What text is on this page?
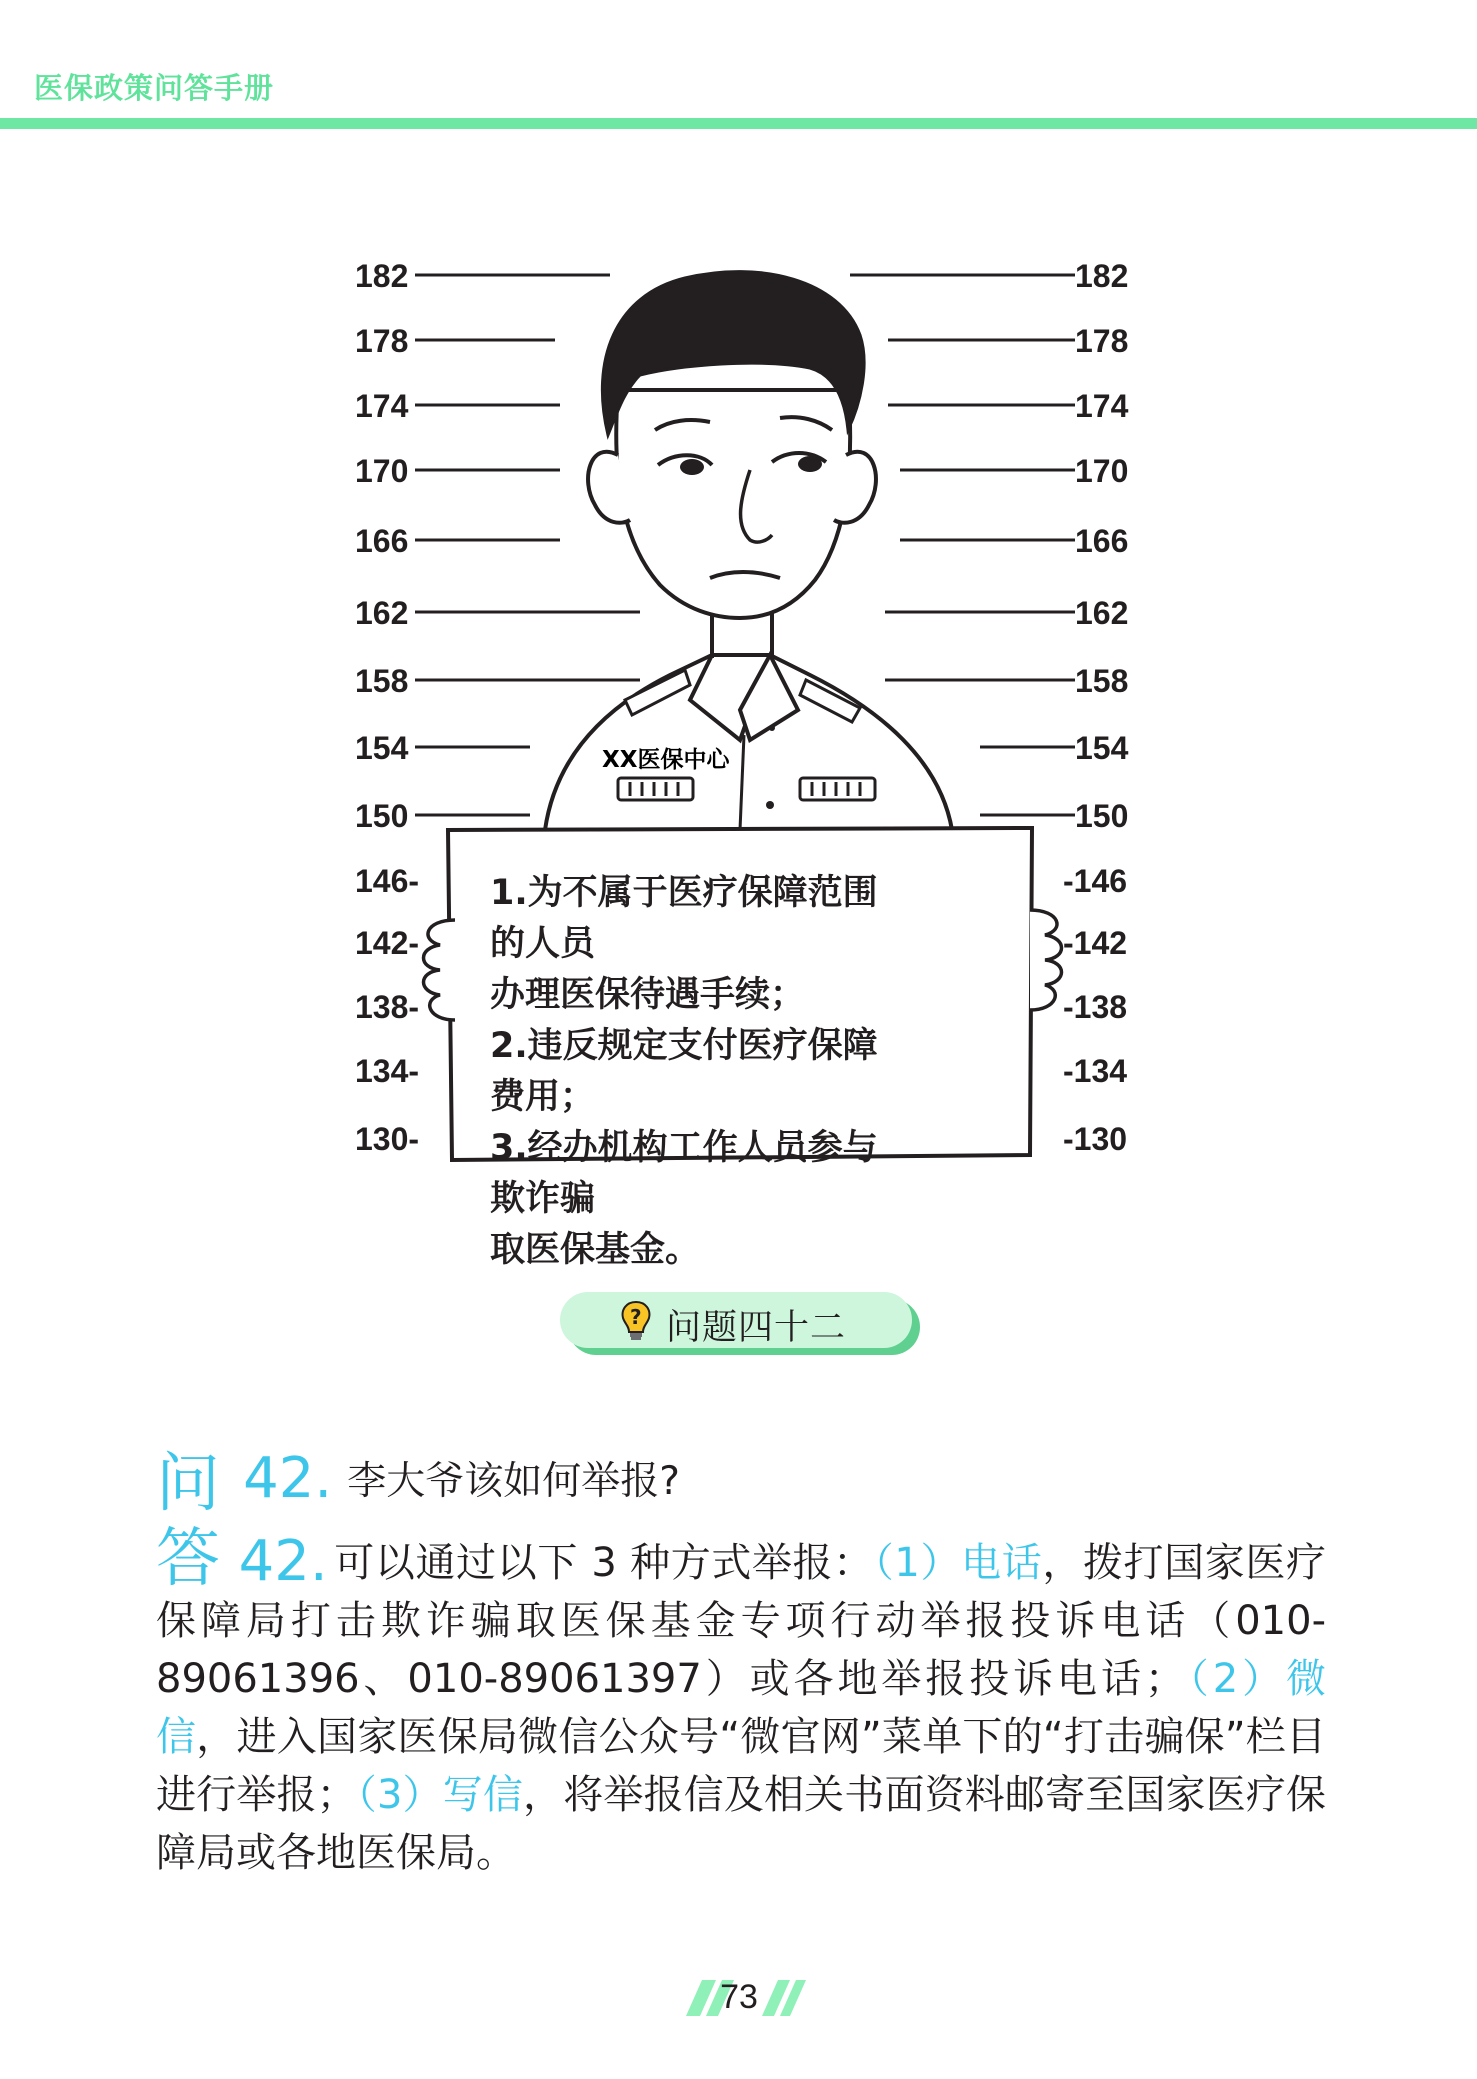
医保政策问答手册
182
178
174
170
166
162
158
154
150
146-
142-
138-
134-
130-
182
178
174
170
166
162
158
154
150
-146
-142
-138
-134
-130
XX医保中心
1.为不属于医疗保障范围的人员
办理医保待遇手续；
2.违反规定支付医疗保障费用；
3.经办机构工作人员参与欺诈骗
取医保基金。
? 问题四十二
问 42. 李大爷该如何举报?
答 42. 可以通过以下 3 种方式举报：（1）电话，拨打国家医疗保障局打击欺诈骗取医保基金专项行动举报投诉电话（010-89061396、010-89061397）或各地举报投诉电话；（2）微信，进入国家医保局微信公众号“微官网”菜单下的“打击骗保”栏目进行举报；（3）写信，将举报信及相关书面资料邮寄至国家医疗保障局或各地医保局。
73
